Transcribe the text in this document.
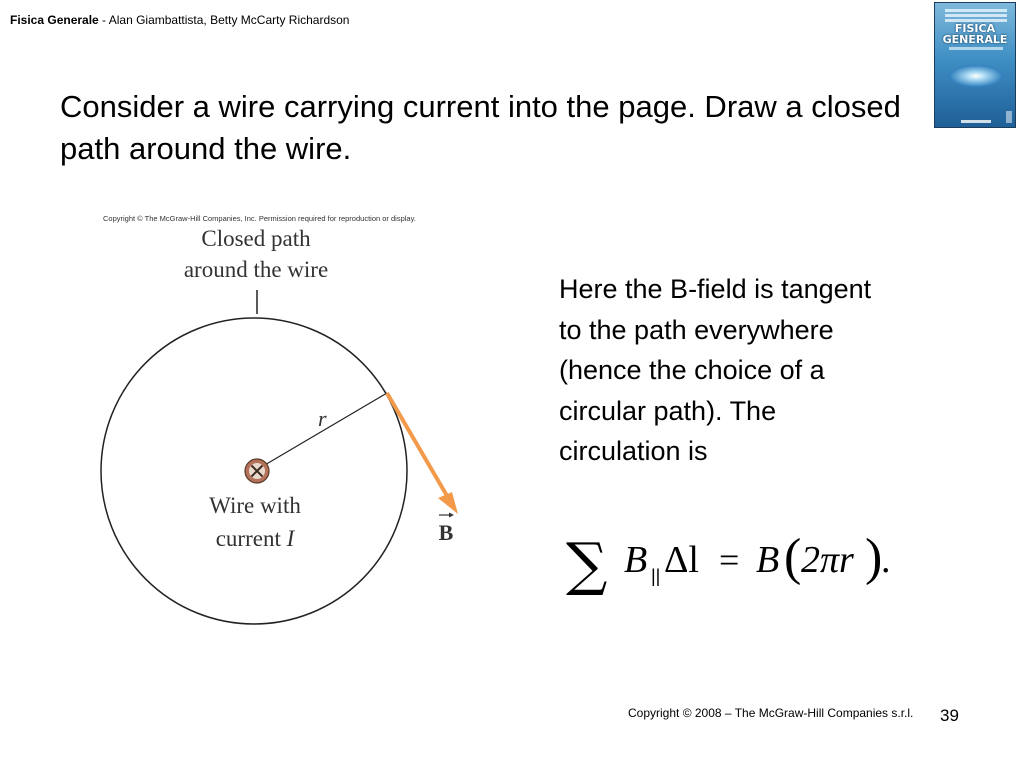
Fisica Generale - Alan Giambattista, Betty McCarty Richardson
FISICA
GENERALE
Consider a wire carrying current into the page. Draw a closed path around the wire.
Copyright © The McGraw-Hill Companies, Inc. Permission required for reproduction or display.
Closed path
around the wire
r
Wire with
current I	B
Here the B-field is tangent
to the path everywhere
(hence the choice of a
circular path). The
circulation is
∑ B || Δl = B ( 2πr )
.
Copyright © 2008 – The McGraw-Hill Companies s.r.l. 39
